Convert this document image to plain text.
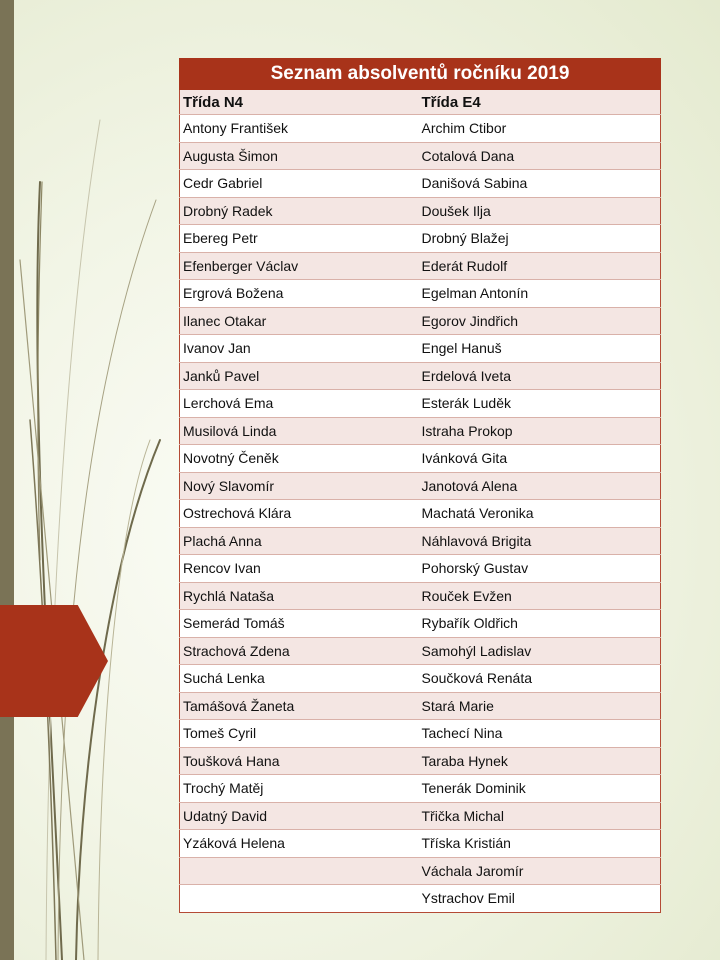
Seznam absolventů ročníku 2019	
Třída N4	Třída E4
Antony František	Archim Ctibor
Augusta Šimon	Cotalová Dana
Cedr Gabriel	Danišová Sabina
Drobný Radek	Doušek Ilja
Ebereg Petr	Drobný Blažej
Efenberger Václav	Ederát Rudolf
Ergrová Božena	Egelman Antonín
Ilanec Otakar	Egorov Jindřich
Ivanov Jan	Engel Hanuš
Janků Pavel	Erdelová Iveta
Lerchová Ema	Esterák Luděk
Musilová Linda	Istraha Prokop
Novotný Čeněk	Ivánková Gita
Nový Slavomír	Janotová Alena
Ostrechová Klára	Machatá Veronika
Plachá Anna	Náhlavová Brigita
Rencov Ivan	Pohorský Gustav
Rychlá Nataša	Rouček Evžen
Semerád Tomáš	Rybařík Oldřich
Strachová Zdena	Samohýl Ladislav
Suchá Lenka	Součková Renáta
Tamášová Žaneta	Stará Marie
Tomeš Cyril	Tachecí Nina
Toušková Hana	Taraba Hynek
Trochý Matěj	Tenerák Dominik
Udatný David	Třička Michal
Yzáková Helena	Tříska Kristián
	Váchala Jaromír
	Ystrachov Emil
